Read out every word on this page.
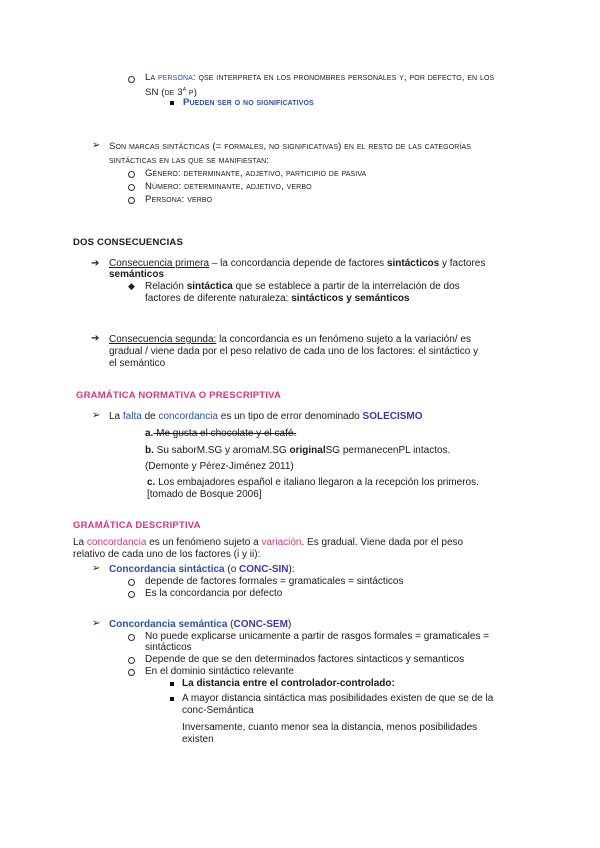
La persona: qse interpreta en los pronombres personales y, por defecto, en los
SN (de 3$^a$ p)
Pueden ser o no significativos
➢ Son marcas sintácticas (= formales, no significativas) en el resto de las categorías
sintácticas en las que se manifiestan:
Género: determinante, adjetivo, participio de pasiva
Número: determinante, adjetivo, verbo
Persona: verbo
DOS CONSECUENCIAS
➔ Consecuencia primera – la concordancia depende de factores sintácticos y factores
semánticos
◆ Relación sintáctica que se establece a partir de la interrelación de dos
factores de diferente naturaleza: sintácticos y semánticos
➔ Consecuencia segunda: la concordancia es un fenómeno sujeto a la variación/ es
gradual / viene dada por el peso relativo de cada uno de los factores: el sintáctico y
el semántico
GRAMÁTICA NORMATIVA O PRESCRIPTIVA
➢ La falta de concordancia es un tipo de error denominado SOLECISMO
a. Me gusta el chocolate y el café.
b. Su saborM.SG y aromaM.SG originalSG permanecenPL intactos.
(Demonte y Pérez-Jiménez 2011)
c. Los embajadores español e italiano llegaron a la recepción los primeros.
[tomado de Bosque 2006]
GRAMÁTICA DESCRIPTIVA
La concordancia es un fenómeno sujeto a variación. Es gradual. Viene dada por el peso
relativo de cada uno de los factores (i y ii):
➢ Concordancia sintáctica (o CONC-SIN):
depende de factores formales = gramaticales = sintácticos
Es la concordancia por defecto
➢ Concordancia semántica (CONC-SEM)
No puede explicarse unicamente a partir de rasgos formales = gramaticales =
sintácticos
Depende de que se den determinados factores sintacticos y semanticos
En el dominio sintáctico relevante
La distancia entre el controlador-controlado:
A mayor distancia sintáctica mas posibilidades existen de que se de la
conc-Semántica
Inversamente, cuanto menor sea la distancia, menos posibilidades
existen
